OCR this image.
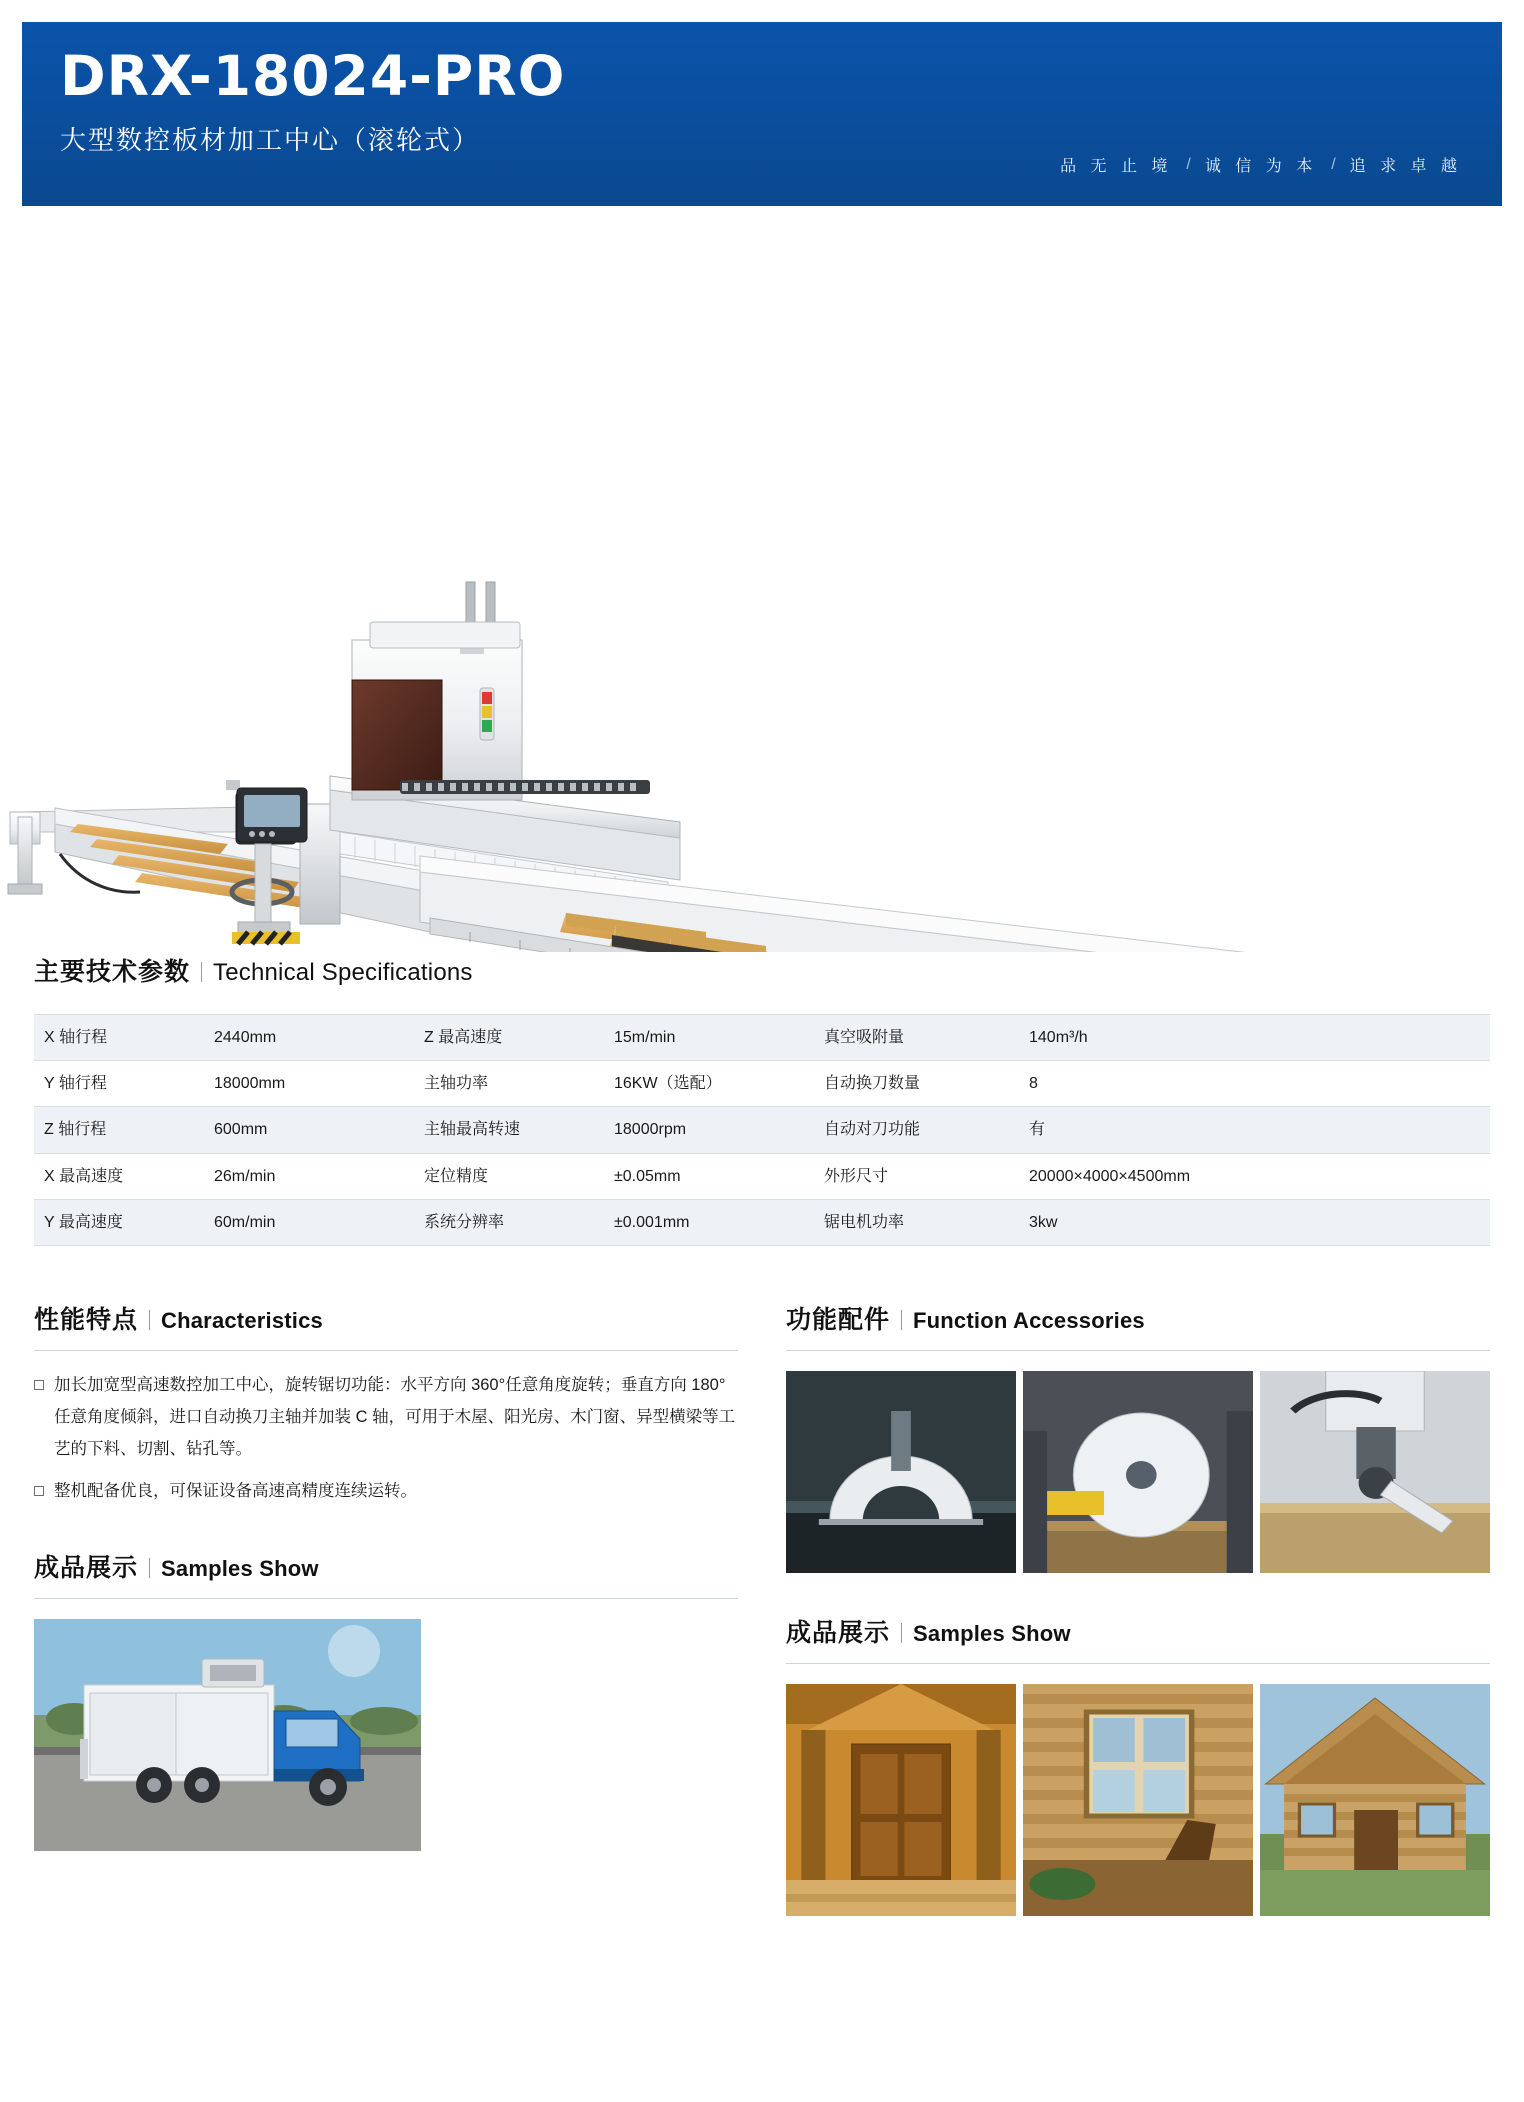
DRX-18024-PRO
大型数控板材加工中心（滚轮式）
品 无 止 境 / 诚 信 为 本 / 追 求 卓 越
主要技术参数 Technical Specifications
X 轴行程	2440mm	Z 最高速度	15m/min	真空吸附量	140m³/h
Y 轴行程	18000mm	主轴功率	16KW（选配）	自动换刀数量	8
Z 轴行程	600mm	主轴最高转速	18000rpm	自动对刀功能	有
X 最高速度	26m/min	定位精度	±0.05mm	外形尺寸	20000×4000×4500mm
Y 最高速度	60m/min	系统分辨率	±0.001mm	锯电机功率	3kw
性能特点 Characteristics
加长加宽型高速数控加工中心，旋转锯切功能：水平方向 360°任意角度旋转；垂直方向 180°任意角度倾斜，进口自动换刀主轴并加装 C 轴，可用于木屋、阳光房、木门窗、异型横梁等工艺的下料、切割、钻孔等。
整机配备优良，可保证设备高速高精度连续运转。
成品展示 Samples Show
功能配件 Function Accessories
成品展示 Samples Show
